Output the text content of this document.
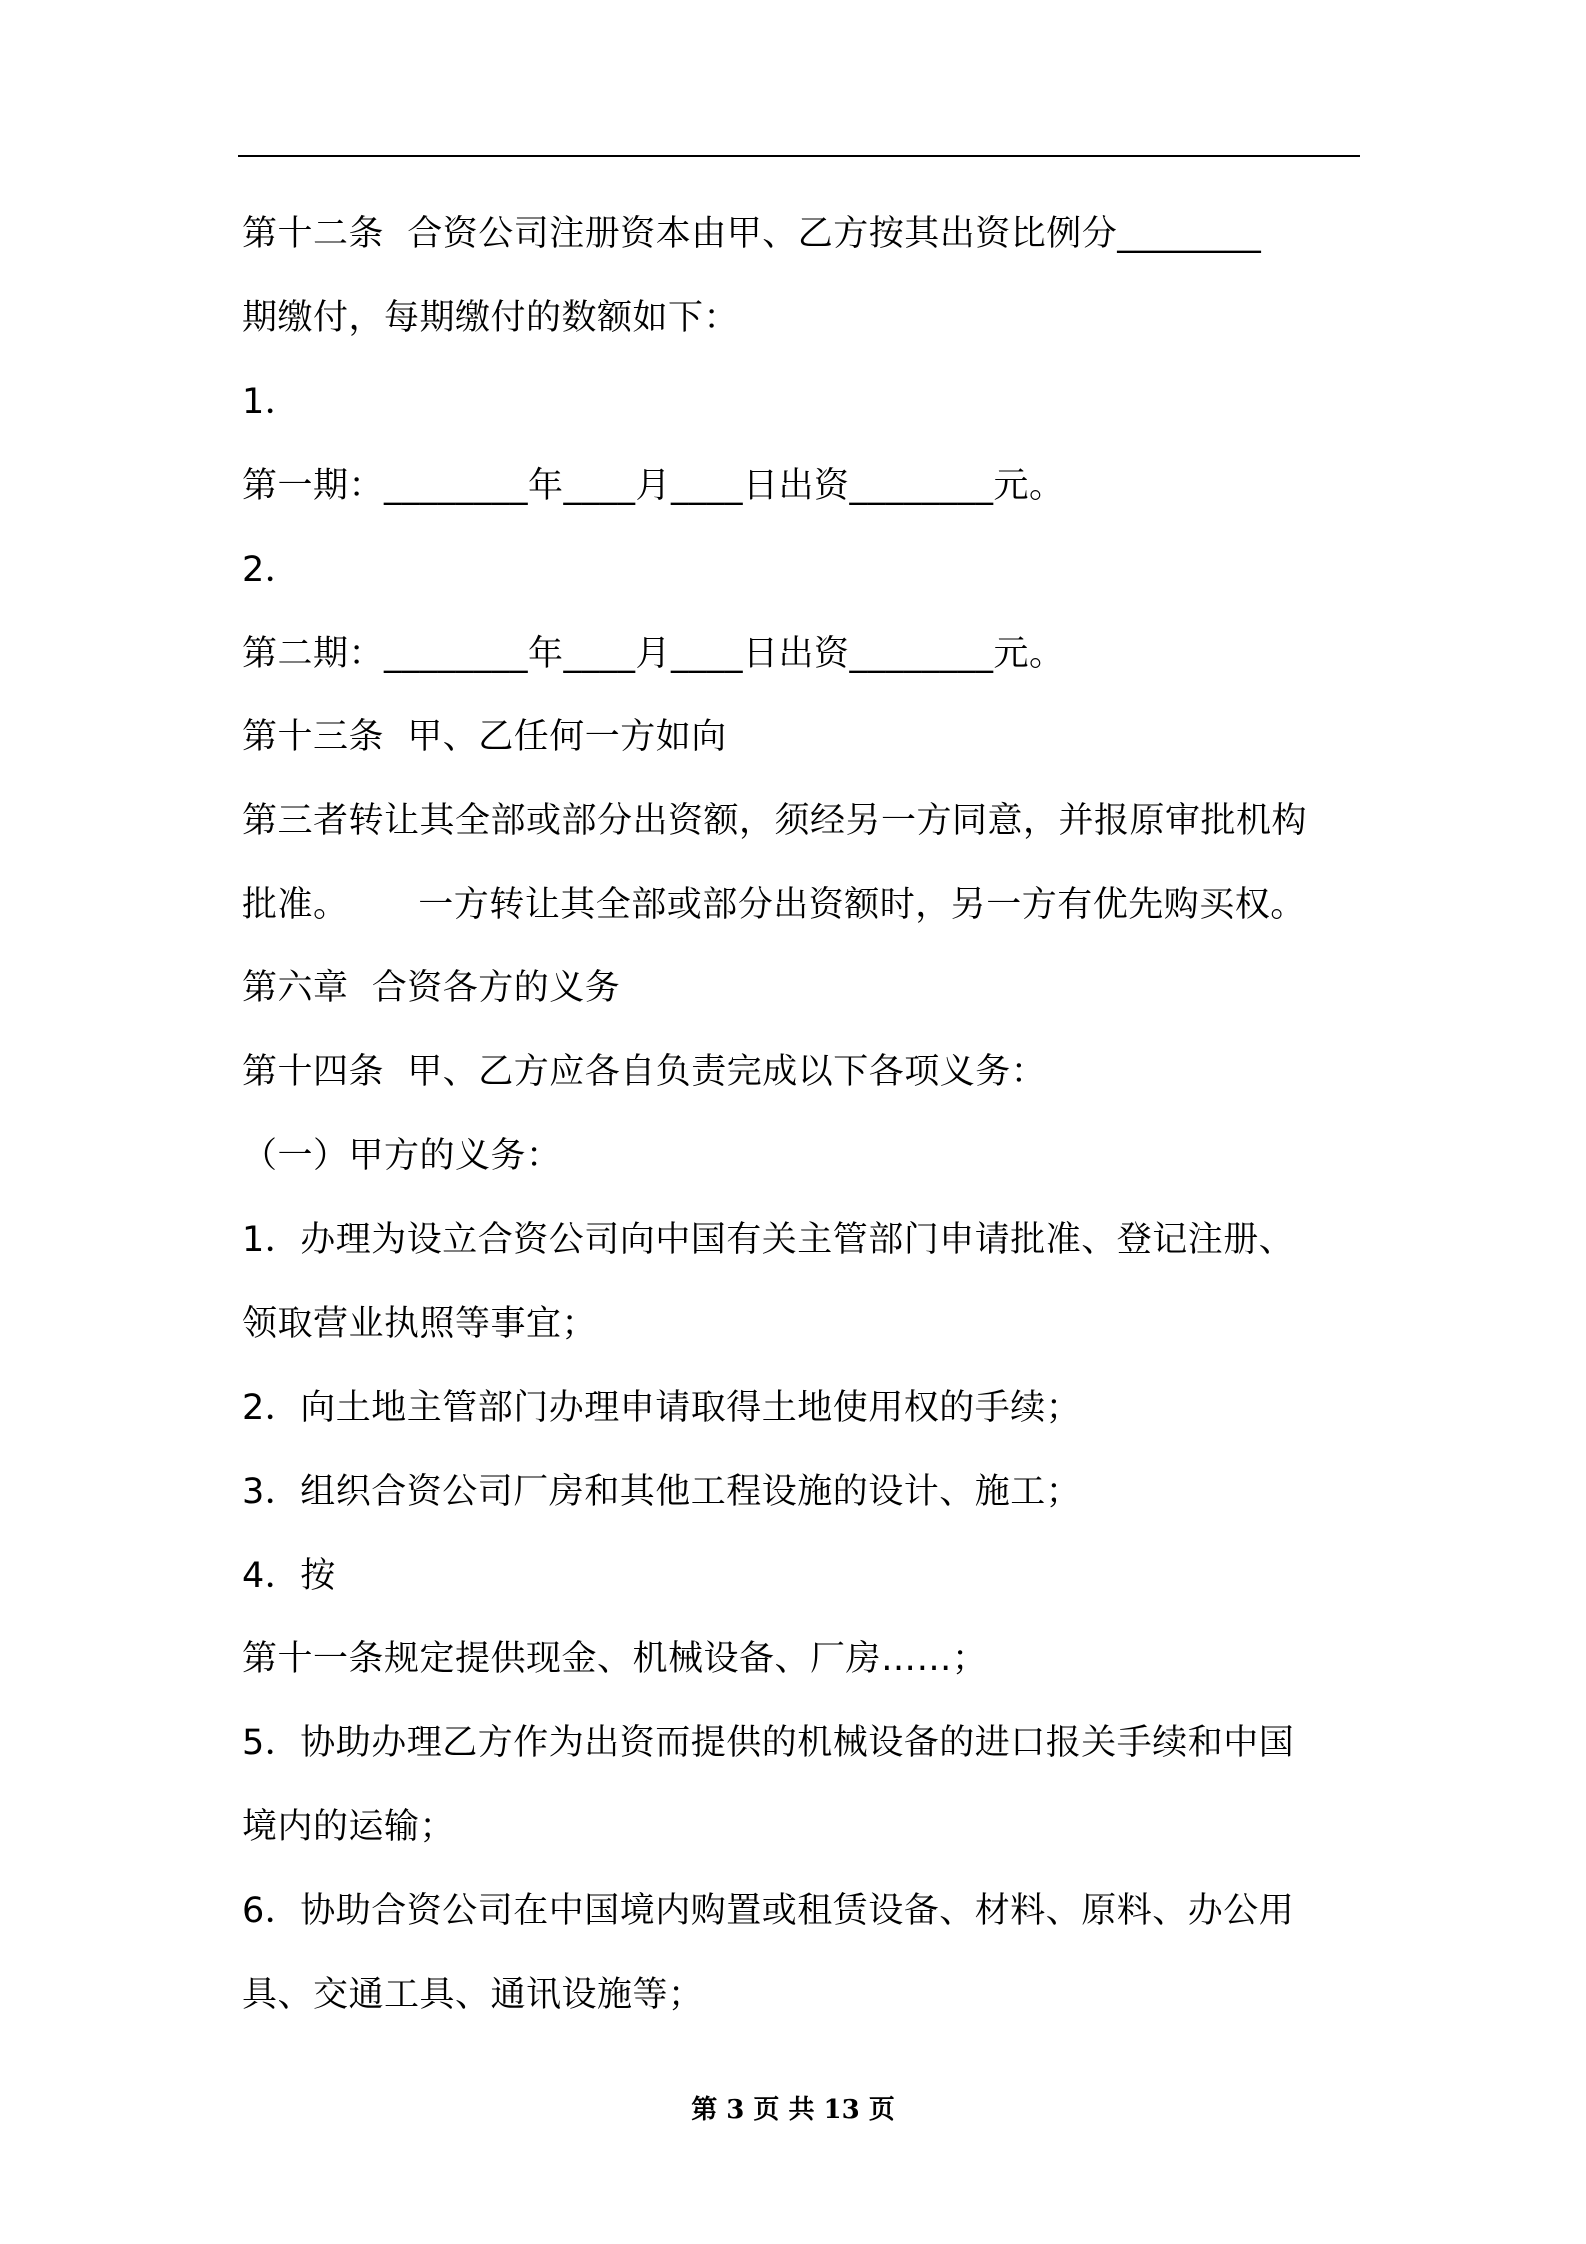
第十二条  合资公司注册资本由甲、乙方按其出资比例分________
期缴付，每期缴付的数额如下：
1．
第一期：________年____月____日出资________元。
2．
第二期：________年____月____日出资________元。
第十三条  甲、乙任何一方如向
第三者转让其全部或部分出资额，须经另一方同意，并报原审批机构
批准。      一方转让其全部或部分出资额时，另一方有优先购买权。
第六章  合资各方的义务
第十四条  甲、乙方应各自负责完成以下各项义务：
（一）甲方的义务：
1．办理为设立合资公司向中国有关主管部门申请批准、登记注册、
领取营业执照等事宜；
2．向土地主管部门办理申请取得土地使用权的手续；
3．组织合资公司厂房和其他工程设施的设计、施工；
4．按
第十一条规定提供现金、机械设备、厂房……；
5．协助办理乙方作为出资而提供的机械设备的进口报关手续和中国
境内的运输；
6．协助合资公司在中国境内购置或租赁设备、材料、原料、办公用
具、交通工具、通讯设施等；
第 3 页 共 13 页
